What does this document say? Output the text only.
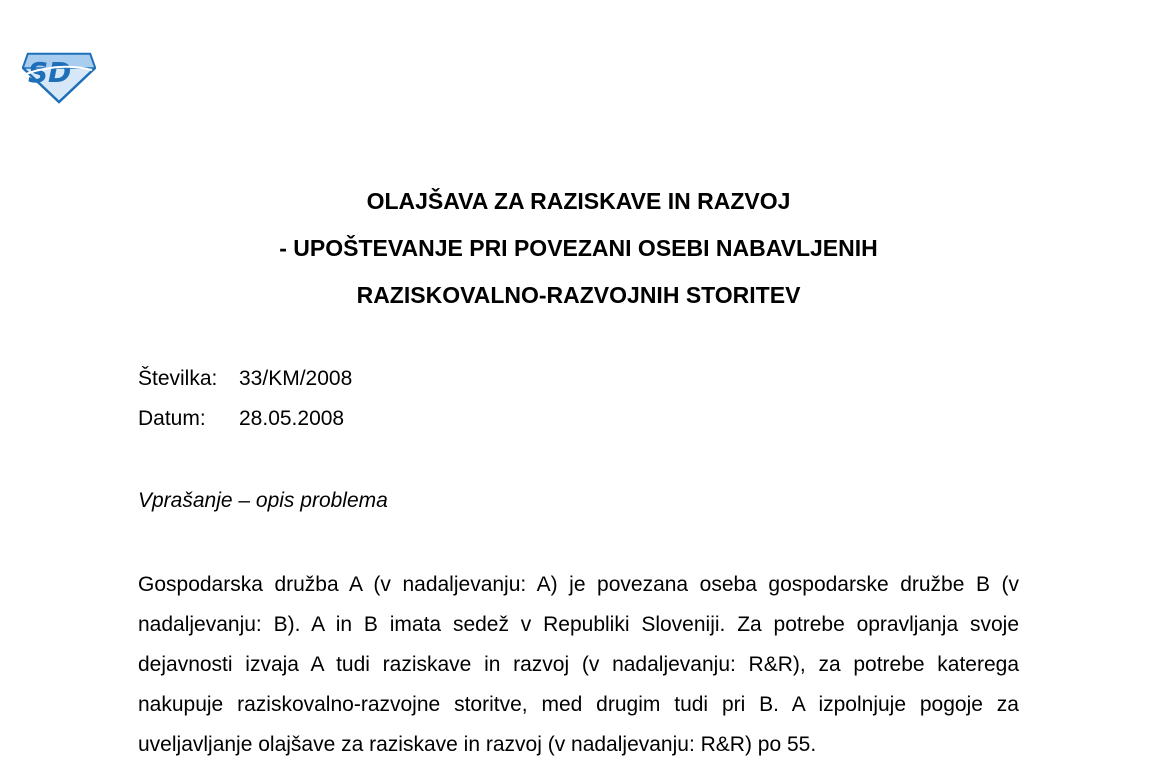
S D
OLAJŠAVA ZA RAZISKAVE IN RAZVOJ
- UPOŠTEVANJE PRI POVEZANI OSEBI NABAVLJENIH
RAZISKOVALNO-RAZVOJNIH STORITEV
Številka:	33/KM/2008
Datum:	28.05.2008
Vprašanje – opis problema
Gospodarska družba A (v nadaljevanju: A) je povezana oseba gospodarske družbe B (v nadaljevanju: B). A in B imata sedež v Republiki Sloveniji. Za potrebe opravljanja svoje dejavnosti izvaja A tudi raziskave in razvoj (v nadaljevanju: R&R), za potrebe katerega nakupuje raziskovalno-razvojne storitve, med drugim tudi pri B. A izpolnjuje pogoje za uveljavljanje olajšave za raziskave in razvoj (v nadaljevanju: R&R) po 55.
